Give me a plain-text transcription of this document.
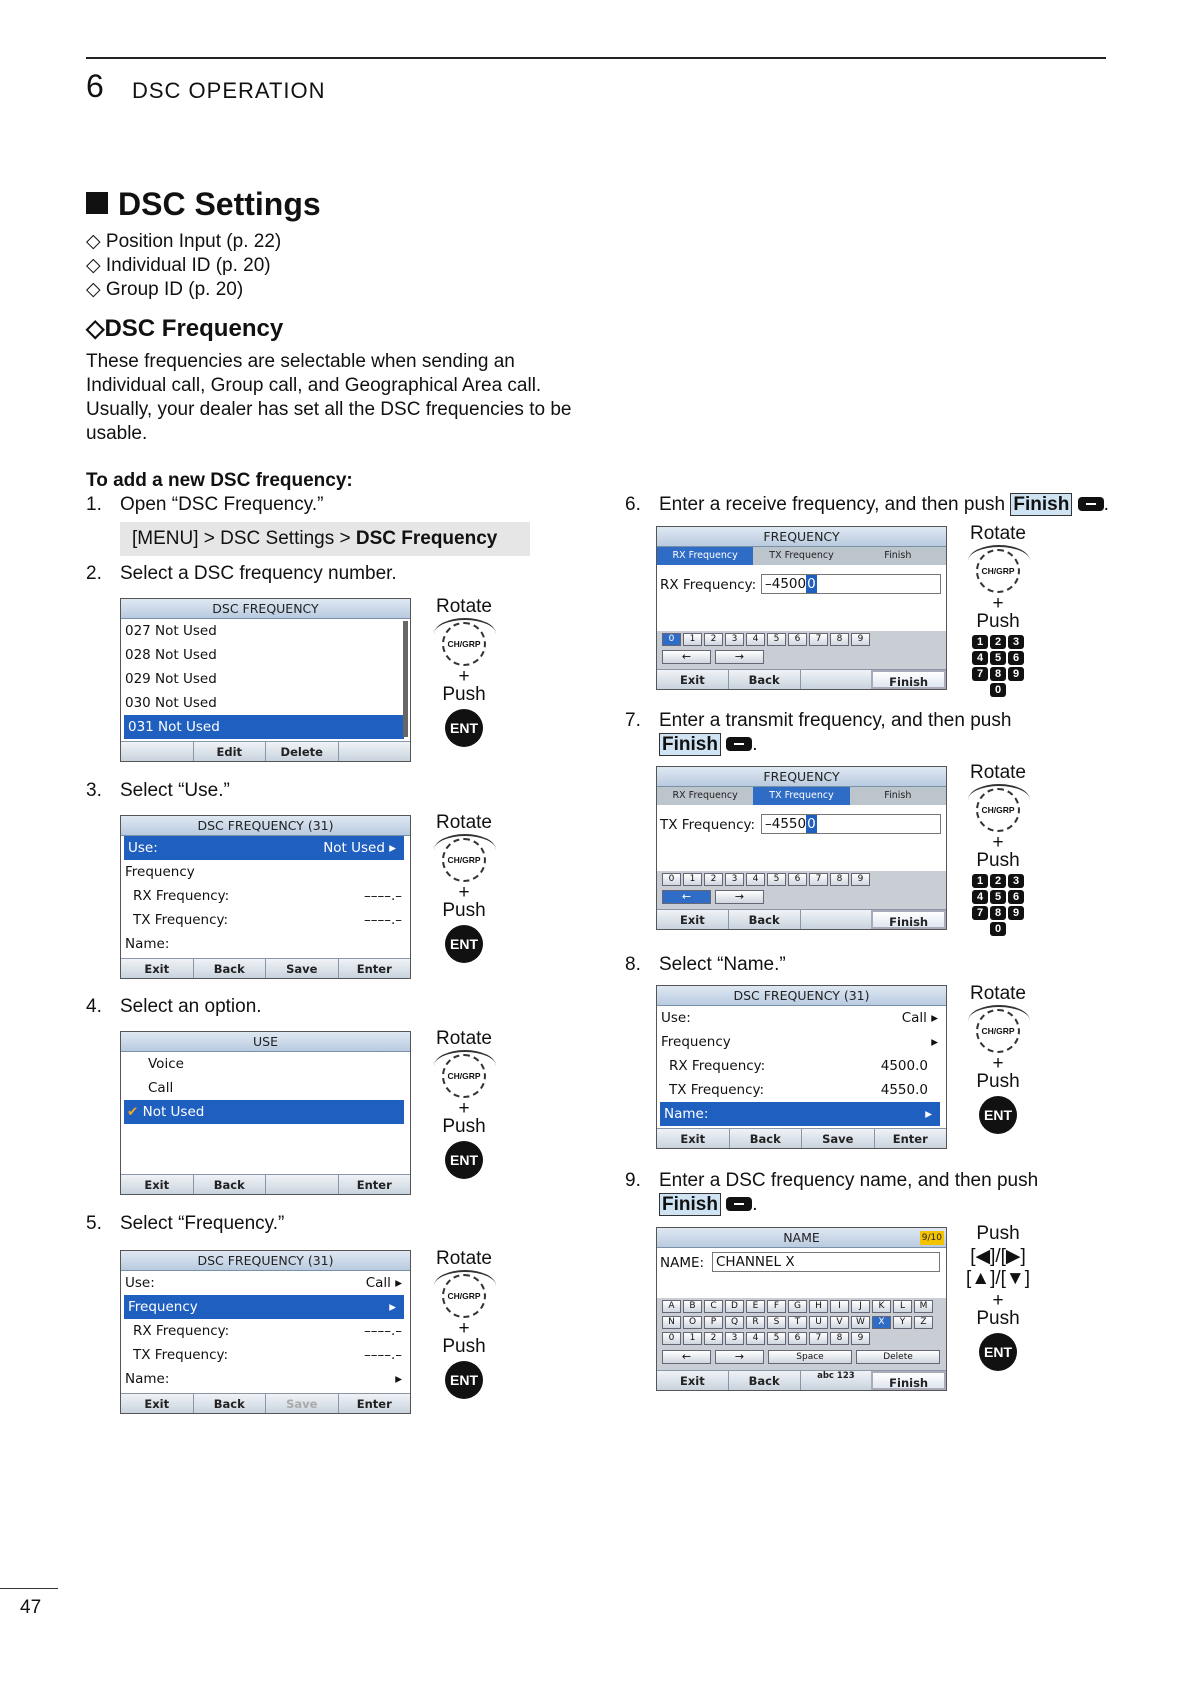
6 DSC OPERATION
DSC Settings
◇ Position Input (p. 22)
◇ Individual ID (p. 20)
◇ Group ID (p. 20)
◇DSC Frequency
These frequencies are selectable when sending an Individual call, Group call, and Geographical Area call. Usually, your dealer has set all the DSC frequencies to be usable.
To add a new DSC frequency:
1. Open “DSC Frequency.”
[MENU] > DSC Settings > DSC Frequency
2. Select a DSC frequency number.
3. Select “Use.”
4. Select an option.
5. Select “Frequency.”
6. Enter a receive frequency, and then push Finish .
7. Enter a transmit frequency, and then push
Finish .
8. Select “Name.”
9. Enter a DSC frequency name, and then push
Finish .
DSC FREQUENCY
027 Not Used
028 Not Used
029 Not Used
030 Not Used
031 Not Used
Edit	Delete
Rotate
CH/GRP
+
Push
ENT
DSC FREQUENCY (31)
Use:	Not Used ▸
Frequency
RX Frequency:	––––.–
TX Frequency:	––––.–
Name:
Exit	Back	Save	Enter
Rotate
CH/GRP
+
Push
ENT
USE
Voice
Call
✔ Not Used
Exit	Back	Enter
Rotate
CH/GRP
+
Push
ENT
DSC FREQUENCY (31)
Use:	Call ▸
Frequency	▸
RX Frequency:	––––.–
TX Frequency:	––––.–
Name:	▸
Exit	Back	Save	Enter
Rotate
CH/GRP
+
Push
ENT
FREQUENCY
RX Frequency	TX Frequency	Finish
RX Frequency: –45000
0	1	2	3	4	5	6	7	8	9
←	→
Exit	Back	Finish
Rotate
CH/GRP
+
Push
1	2	3
4	5	6
7	8	9
0
FREQUENCY
RX Frequency	TX Frequency	Finish
TX Frequency: –45500
0	1	2	3	4	5	6	7	8	9
←	→
Exit	Back	Finish
Rotate
CH/GRP
+
Push
1	2	3
4	5	6
7	8	9
0
DSC FREQUENCY (31)
Use:	Call ▸
Frequency	▸
RX Frequency:	4500.0
TX Frequency:	4550.0
Name:	▸
Exit	Back	Save	Enter
Rotate
CH/GRP
+
Push
ENT
NAME	9/10
NAME: CHANNEL X
A	B	C	D	E	F	G	H	I	J	K	L	M
N	O	P	Q	R	S	T	U	V	W	X	Y	Z
0	1	2	3	4	5	6	7	8	9
←	→	Space	Delete
Exit	Back	abc 123	Finish
Push
[◀]/[▶]
[▲]/[▼]
+
Push
ENT
47
